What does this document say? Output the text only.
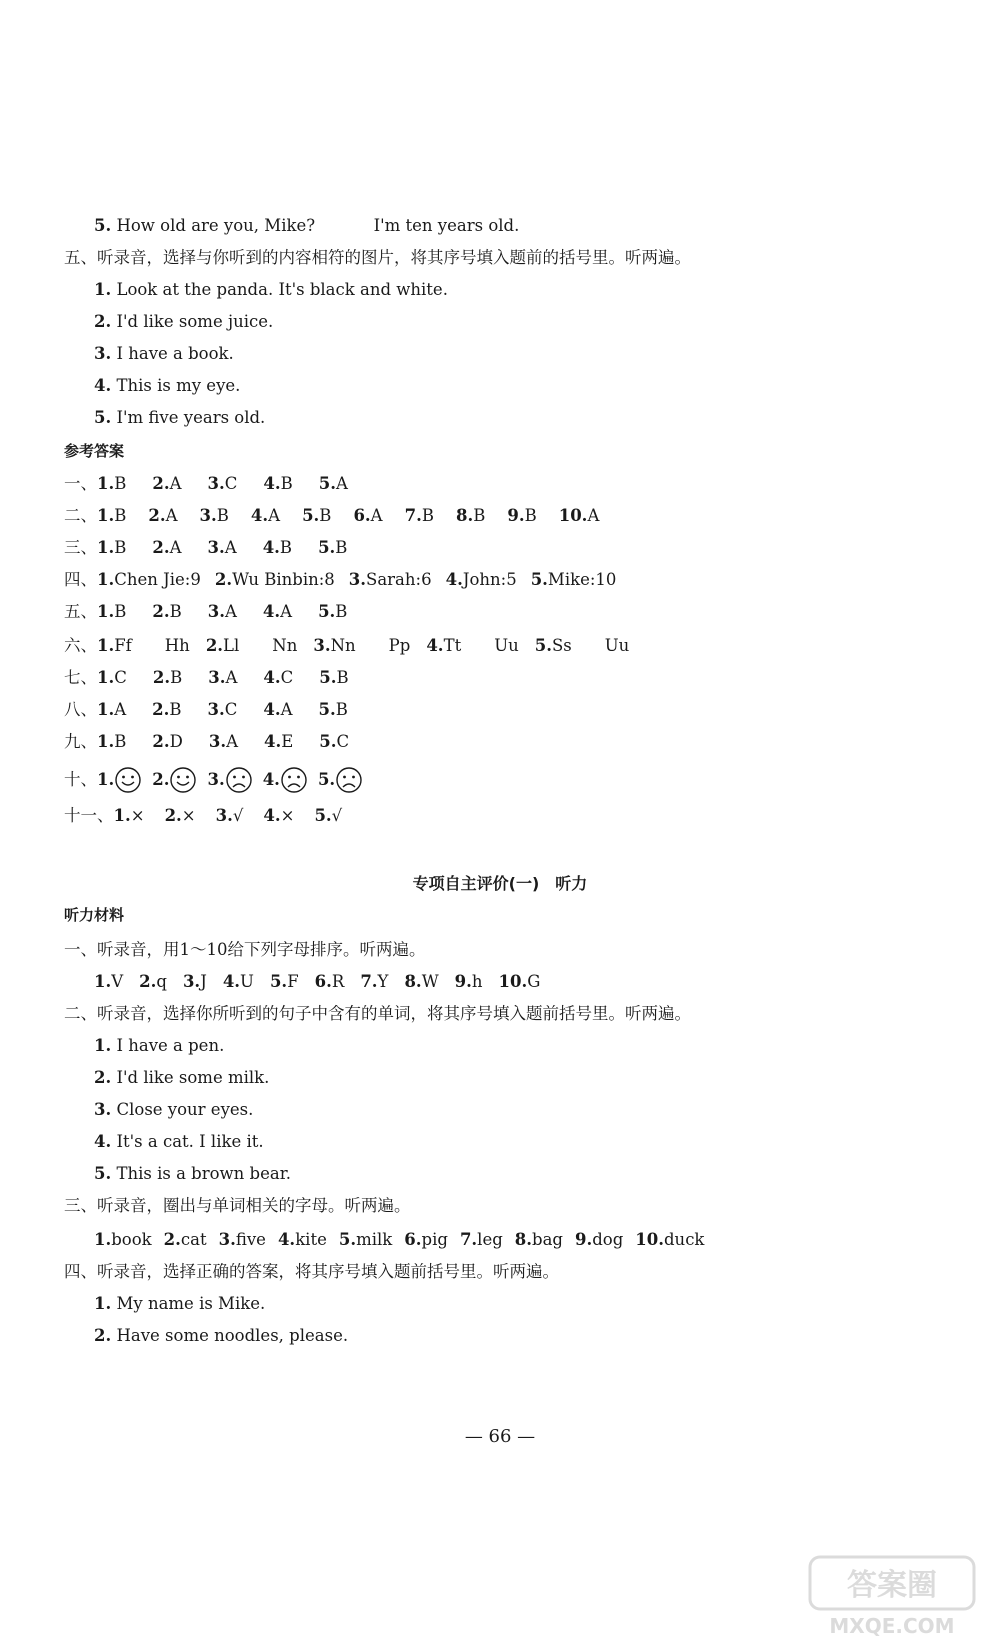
5. How old are you, Mike?	I'm ten years old.
五、听录音，选择与你听到的内容相符的图片，将其序号填入题前的括号里。听两遍。
1. Look at the panda. It's black and white.
2. I'd like some juice.
3. I have a book.
4. This is my eye.
5. I'm five years old.
参考答案
一、1.B 2.A 3.C 4.B 5.A
二、1.B 2.A 3.B 4.A 5.B 6.A 7.B 8.B 9.B 10.A
三、1.B 2.A 3.A 4.B 5.B
四、1.Chen Jie:9 2.Wu Binbin:8 3.Sarah:6 4.John:5 5.Mike:10
五、1.B 2.B 3.A 4.A 5.B
六、1.Ff  Hh 2.Ll  Nn 3.Nn  Pp 4.Tt  Uu 5.Ss  Uu
七、1.C 2.B 3.A 4.C 5.B
八、1.A 2.B 3.C 4.A 5.B
九、1.B 2.D 3.A 4.E 5.C
十、1. 2. 3. 4. 5.
十一、1.× 2.× 3.√ 4.× 5.√
专项自主评价(一)　听力
听力材料
一、听录音，用1～10给下列字母排序。听两遍。
1.V 2.q 3.J 4.U 5.F 6.R 7.Y 8.W 9.h 10.G
二、听录音，选择你所听到的句子中含有的单词，将其序号填入题前括号里。听两遍。
1. I have a pen.
2. I'd like some milk.
3. Close your eyes.
4. It's a cat. I like it.
5. This is a brown bear.
三、听录音，圈出与单词相关的字母。听两遍。
1.book 2.cat 3.five 4.kite 5.milk 6.pig 7.leg 8.bag 9.dog 10.duck
四、听录音，选择正确的答案，将其序号填入题前括号里。听两遍。
1. My name is Mike.
2. Have some noodles, please.
— 66 —
答案圈
MXQE.COM
